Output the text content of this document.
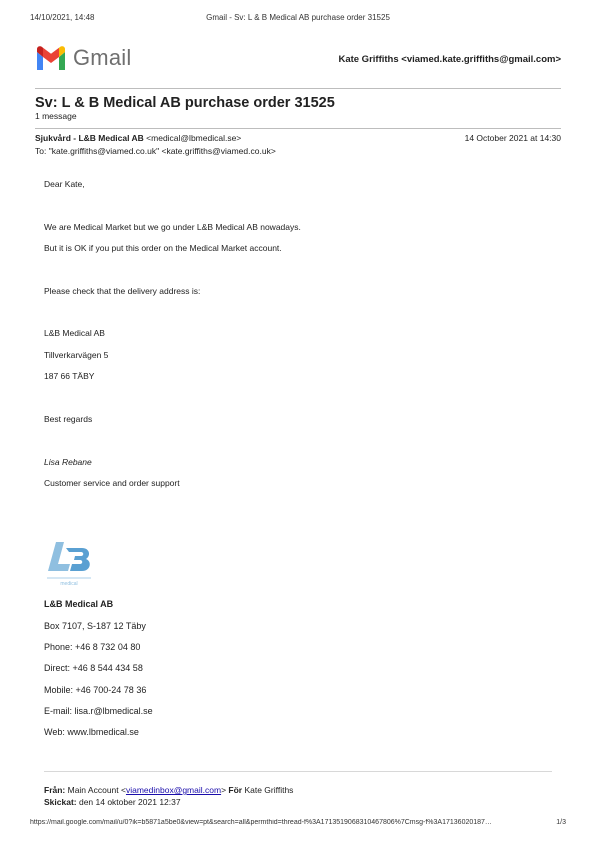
14/10/2021, 14:48	Gmail - Sv: L & B Medical AB purchase order 31525
Gmail	Kate Griffiths <viamed.kate.griffiths@gmail.com>
Sv: L & B Medical AB purchase order 31525
1 message
Sjukvård - L&B Medical AB <medical@lbmedical.se>	14 October 2021 at 14:30
To: "kate.griffiths@viamed.co.uk" <kate.griffiths@viamed.co.uk>
Dear Kate,
We are Medical Market but we go under L&B Medical AB nowadays.
But it is OK if you put this order on the Medical Market account.
Please check that the delivery address is:
L&B Medical AB
Tillverkarvägen 5
187 66 TÄBY
Best regards
Lisa Rebane
Customer service and order support
medical
L&B Medical AB
Box 7107, S-187 12 Täby
Phone: +46 8 732 04 80
Direct: +46 8 544 434 58
Mobile: +46 700-24 78 36
E-mail: lisa.r@lbmedical.se
Web: www.lbmedical.se
Från: Main Account <viamedinbox@gmail.com> För Kate Griffiths
Skickat: den 14 oktober 2021 12:37
https://mail.google.com/mail/u/0?ik=b5871a5be0&view=pt&search=all&permthid=thread-f%3A1713519068310467806%7Cmsg-f%3A17136020187…	1/3
